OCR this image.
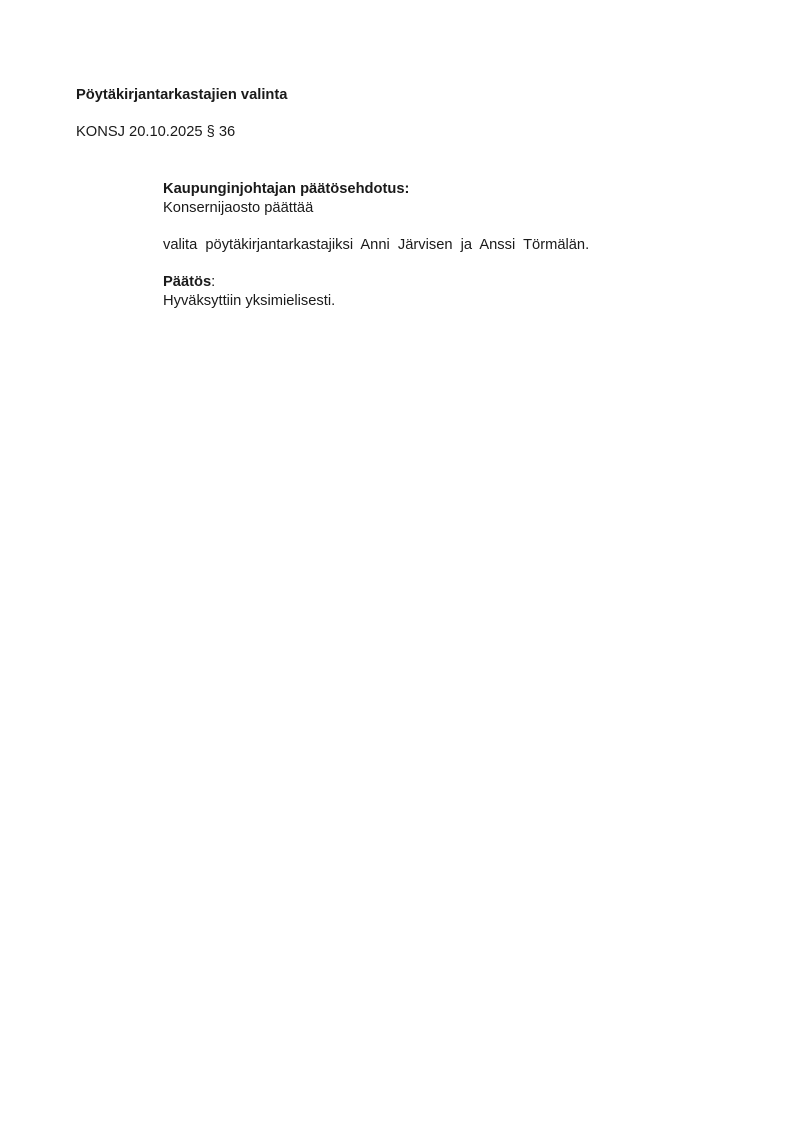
Pöytäkirjantarkastajien valinta

KONSJ 20.10.2025 § 36

Kaupunginjohtajan päätösehdotus:

Konsernijaosto päättää

valita pöytäkirjantarkastajiksi Anni Järvisen ja Anssi Törmälän.

Päätös:

Hyväksyttiin yksimielisesti.
